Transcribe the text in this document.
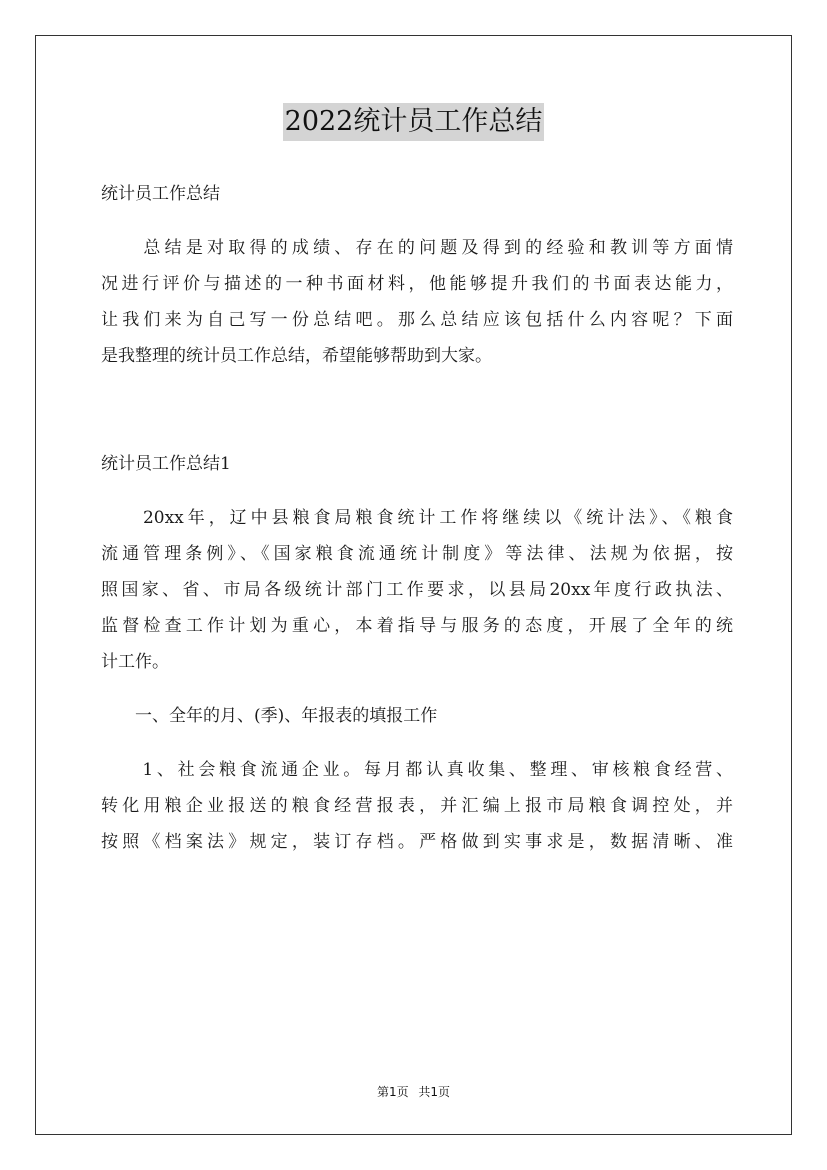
2022统计员工作总结
统计员工作总结
　　总结是对取得的成绩、存在的问题及得到的经验和教训等方面情
况进行评价与描述的一种书面材料，他能够提升我们的书面表达能力，
让我们来为自己写一份总结吧。那么总结应该包括什么内容呢？下面
是我整理的统计员工作总结，希望能够帮助到大家。
统计员工作总结1
　　20xx年，辽中县粮食局粮食统计工作将继续以《统计法》、《粮食
流通管理条例》、《国家粮食流通统计制度》等法律、法规为依据，按
照国家、省、市局各级统计部门工作要求，以县局20xx年度行政执法、
监督检查工作计划为重心，本着指导与服务的态度，开展了全年的统
计工作。
　　一、全年的月、(季)、年报表的填报工作
　　1、社会粮食流通企业。每月都认真收集、整理、审核粮食经营、
转化用粮企业报送的粮食经营报表，并汇编上报市局粮食调控处，并
按照《档案法》规定，装订存档。严格做到实事求是，数据清晰、准
第1页 共1页
